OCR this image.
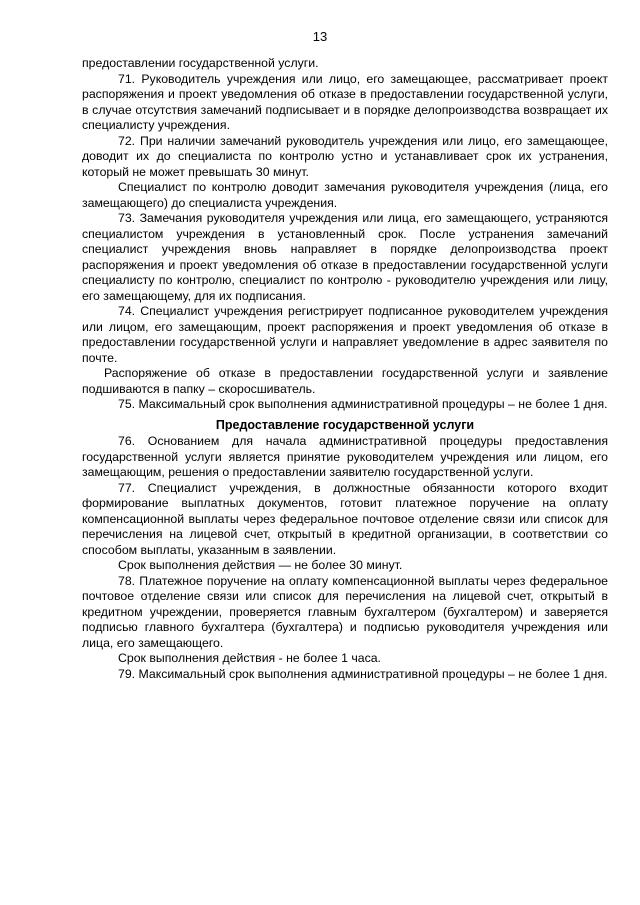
13

предоставлении государственной услуги.

71. Руководитель учреждения или лицо, его замещающее, рассматривает проект распоряжения и проект уведомления об отказе в предоставлении государственной услуги, в случае отсутствия замечаний подписывает и в порядке делопроизводства возвращает их специалисту учреждения.

72. При наличии замечаний руководитель учреждения или лицо, его замещающее, доводит их до специалиста по контролю устно и устанавливает срок их устранения, который не может превышать 30 минут.

Специалист по контролю доводит замечания руководителя учреждения (лица, его замещающего) до специалиста учреждения.

73. Замечания руководителя учреждения или лица, его замещающего, устраняются специалистом учреждения в установленный срок. После устранения замечаний специалист учреждения вновь направляет в порядке делопроизводства проект распоряжения и проект уведомления об отказе в предоставлении государственной услуги специалисту по контролю, специалист по контролю - руководителю учреждения или лицу, его замещающему, для их подписания.

74. Специалист учреждения регистрирует подписанное руководителем учреждения или лицом, его замещающим, проект распоряжения и проект уведомления об отказе в предоставлении государственной услуги и направляет уведомление в адрес заявителя по почте.

Распоряжение об отказе в предоставлении государственной услуги и заявление подшиваются в папку – скоросшиватель.

75. Максимальный срок выполнения административной процедуры – не более 1 дня.

Предоставление государственной услуги

76. Основанием для начала административной процедуры предоставления государственной услуги является принятие руководителем учреждения или лицом, его замещающим, решения о предоставлении заявителю государственной услуги.

77. Специалист учреждения, в должностные обязанности которого входит формирование выплатных документов, готовит платежное поручение на оплату компенсационной выплаты через федеральное почтовое отделение связи или список для перечисления на лицевой счет, открытый в кредитной организации, в соответствии со способом выплаты, указанным в заявлении.

Срок выполнения действия — не более 30 минут.

78. Платежное поручение на оплату компенсационной выплаты через федеральное почтовое отделение связи или список для перечисления на лицевой счет, открытый в кредитном учреждении, проверяется главным бухгалтером (бухгалтером) и заверяется подписью главного бухгалтера (бухгалтера) и подписью руководителя учреждения или лица, его замещающего.

Срок выполнения действия - не более 1 часа.

79. Максимальный срок выполнения административной процедуры – не более 1 дня.
